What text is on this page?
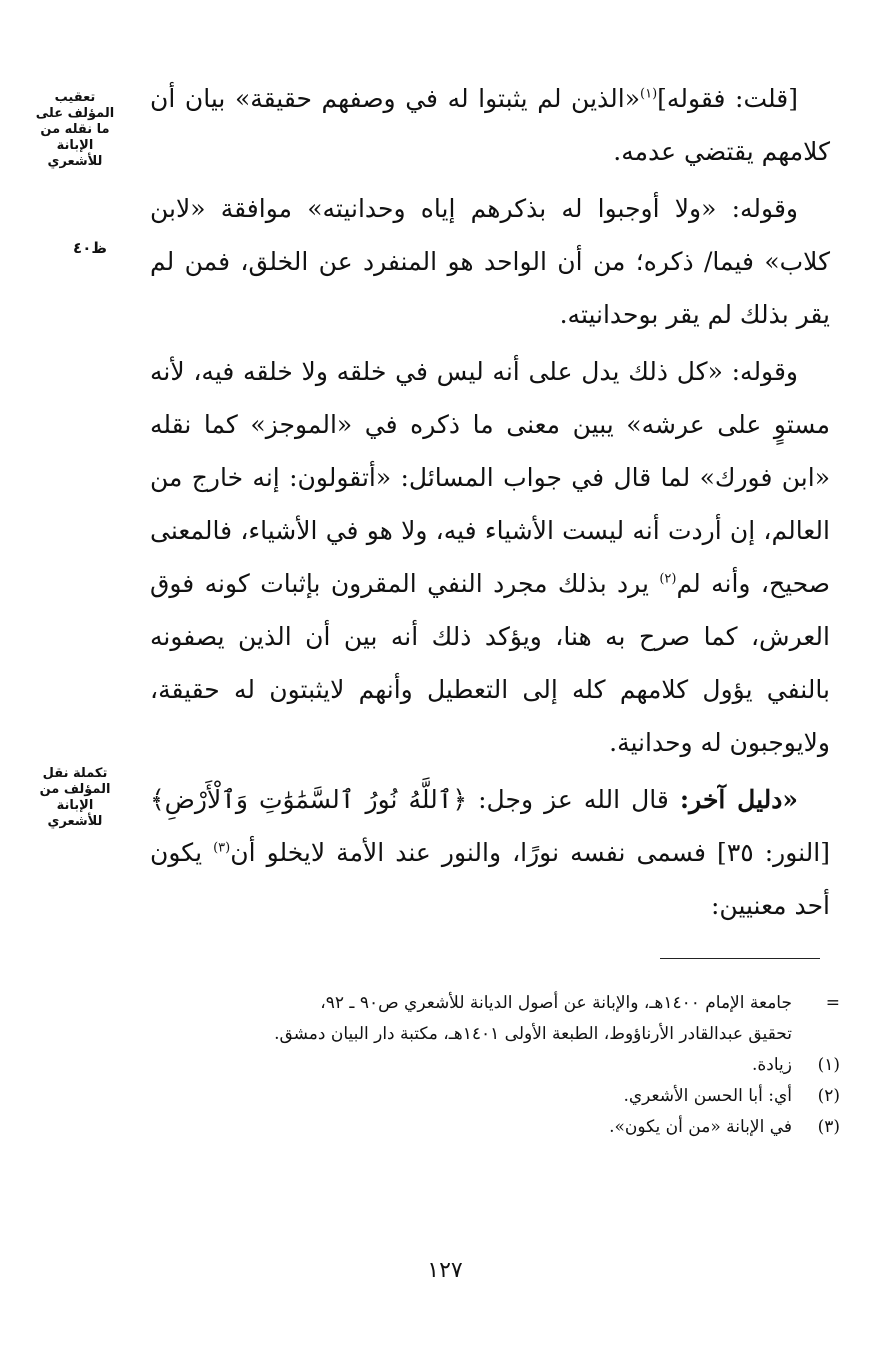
تعقيب المؤلف على ما نقله من الإبانة للأشعري
ظ٤٠
تكملة نقل المؤلف من الإبانة للأشعري

[قلت: فقوله]$^{(١)}$«الذين لم يثبتوا له في وصفهم حقيقة» بيان أن كلامهم يقتضي عدمه.

وقوله: «ولا أوجبوا له بذكرهم إياه وحدانيته» موافقة «لابن كلاب» فيما/ ذكره؛ من أن الواحد هو المنفرد عن الخلق، فمن لم يقر بذلك لم يقر بوحدانيته.

وقوله: «كل ذلك يدل على أنه ليس في خلقه ولا خلقه فيه، لأنه مستوٍ على عرشه» يبين معنى ما ذكره في «الموجز» كما نقله «ابن فورك» لما قال في جواب المسائل: «أتقولون: إنه خارج من العالم، إن أردت أنه ليست الأشياء فيه، ولا هو في الأشياء، فالمعنى صحيح، وأنه لم$^{(٢)}$ يرد بذلك مجرد النفي المقرون بإثبات كونه فوق العرش، كما صرح به هنا، ويؤكد ذلك أنه بين أن الذين يصفونه بالنفي يؤول كلامهم كله إلى التعطيل وأنهم لايثبتون له حقيقة، ولايوجبون له وحدانية.

«دليل آخر: قال الله عز وجل: ﴿ٱللَّهُ نُورُ ٱلسَّمَٰوَٰتِ وَٱلْأَرْضِ﴾ [النور: ٣٥] فسمى نفسه نورًا، والنور عند الأمة لايخلو أن$^{(٣)}$ يكون أحد معنيين:

=
جامعة الإمام ١٤٠٠هـ، والإبانة عن أصول الديانة للأشعري ص٩٠ ـ ٩٢،
تحقيق عبدالقادر الأرناؤوط، الطبعة الأولى ١٤٠١هـ، مكتبة دار البيان دمشق.
(١)
زيادة.
(٢)
أي: أبا الحسن الأشعري.
(٣)
في الإبانة «من أن يكون».
١٢٧
